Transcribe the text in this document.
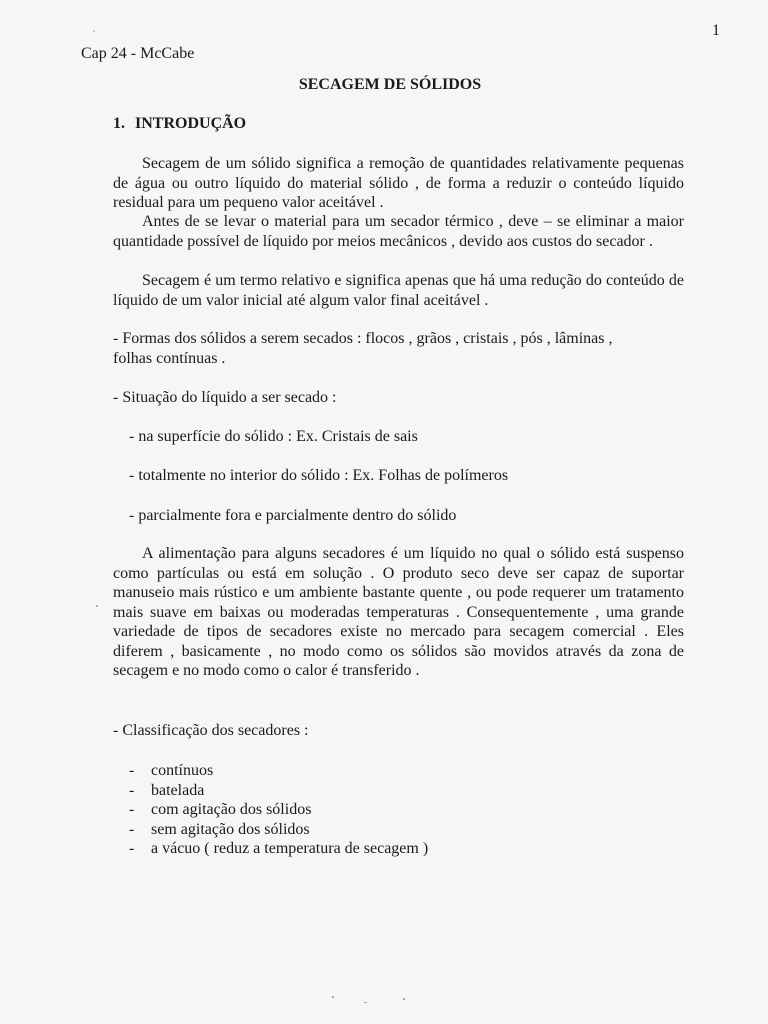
1

Cap 24 - McCabe

SECAGEM DE SÓLIDOS

1. INTRODUÇÃO

Secagem de um sólido significa a remoção de quantidades relativamente pequenas de água ou outro líquido do material sólido , de forma a reduzir o conteúdo líquido residual para um pequeno valor aceitável .

Antes de se levar o material para um secador térmico , deve – se eliminar a maior quantidade possível de líquido por meios mecânicos , devido aos custos do secador .

Secagem é um termo relativo e significa apenas que há uma redução do conteúdo de líquido de um valor inicial até algum valor final aceitável .

- Formas dos sólidos a serem secados : flocos , grãos , cristais , pós , lâminas ,

folhas contínuas .

- Situação do líquido a ser secado :

- na superfície do sólido : Ex. Cristais de sais

- totalmente no interior do sólido : Ex. Folhas de polímeros

- parcialmente fora e parcialmente dentro do sólido

A alimentação para alguns secadores é um líquido no qual o sólido está suspenso como partículas ou está em solução . O produto seco deve ser capaz de suportar manuseio mais rústico e um ambiente bastante quente , ou pode requerer um tratamento mais suave em baixas ou moderadas temperaturas . Consequentemente , uma grande variedade de tipos de secadores existe no mercado para secagem comercial . Eles diferem , basicamente , no modo como os sólidos são movidos através da zona de secagem e no modo como o calor é transferido .

- Classificação dos secadores :

- contínuos
- batelada
- com agitação dos sólidos
- sem agitação dos sólidos
- a vácuo ( reduz a temperatura de secagem )
